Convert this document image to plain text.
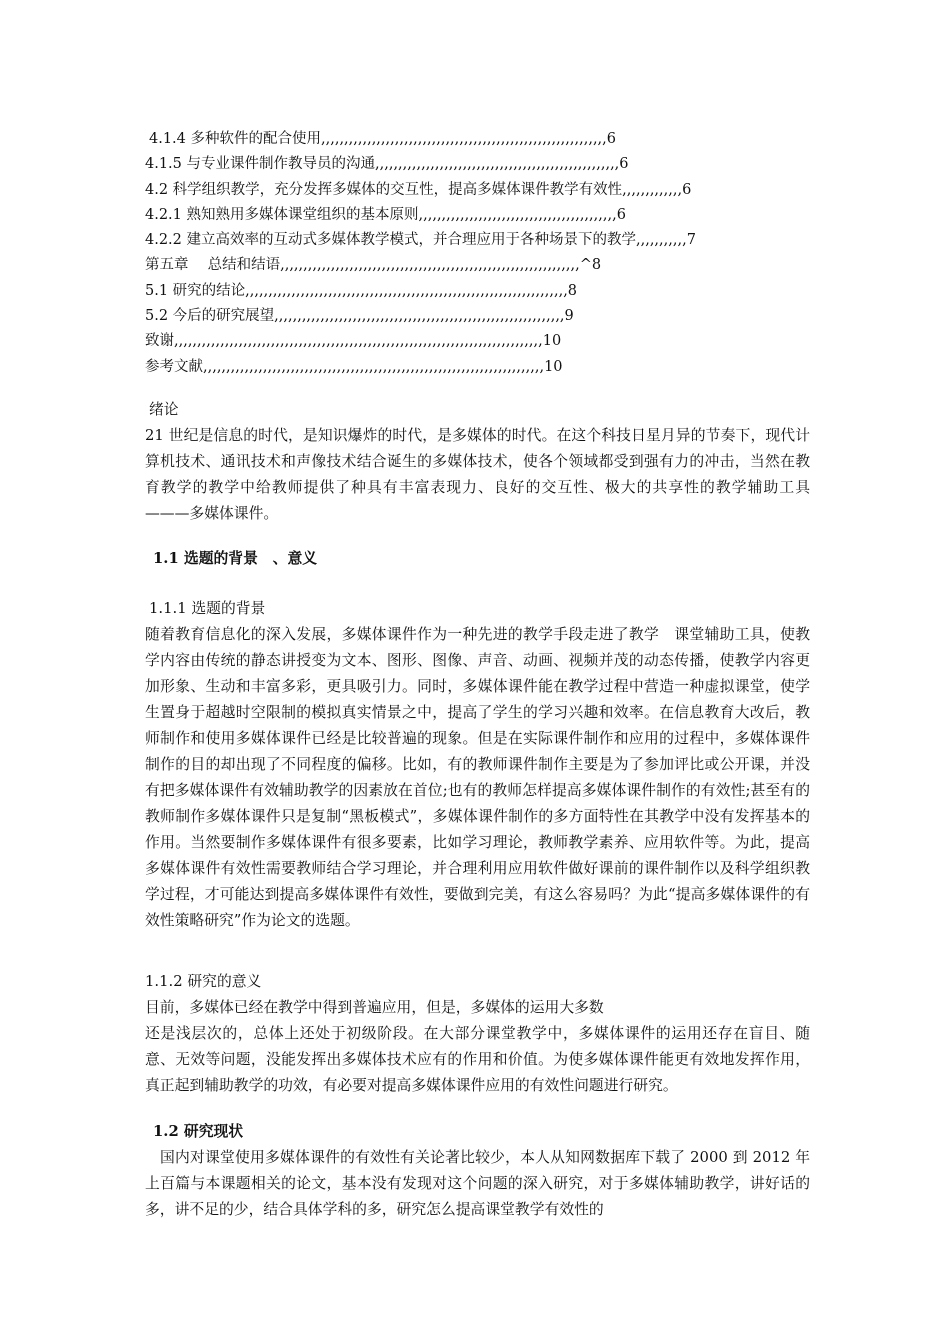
4.1.4 多种软件的配合使用,,,,,,,,,,,,,,,,,,,,,,,,,,,,,,,,,,,,,,,,,,,,,,,,,,,,,,,,,,,,,,6
4.1.5 与专业课件制作教导员的沟通,,,,,,,,,,,,,,,,,,,,,,,,,,,,,,,,,,,,,,,,,,,,,,,,,,,,,6
4.2 科学组织教学，充分发挥多媒体的交互性，提高多媒体课件教学有效性,,,,,,,,,,,,,6
4.2.1 熟知熟用多媒体课堂组织的基本原则,,,,,,,,,,,,,,,,,,,,,,,,,,,,,,,,,,,,,,,,,,,6
4.2.2 建立高效率的互动式多媒体教学模式，并合理应用于各种场景下的教学,,,,,,,,,,,7
第五章　 总结和结语,,,,,,,,,,,,,,,,,,,,,,,,,,,,,,,,,,,,,,,,,,,,,,,,,,,,,,,,,,,,,,,,,^8
5.1 研究的结论,,,,,,,,,,,,,,,,,,,,,,,,,,,,,,,,,,,,,,,,,,,,,,,,,,,,,,,,,,,,,,,,,,,,,,8
5.2 今后的研究展望,,,,,,,,,,,,,,,,,,,,,,,,,,,,,,,,,,,,,,,,,,,,,,,,,,,,,,,,,,,,,,,9
致谢,,,,,,,,,,,,,,,,,,,,,,,,,,,,,,,,,,,,,,,,,,,,,,,,,,,,,,,,,,,,,,,,,,,,,,,,,,,,,,,,10
参考文献,,,,,,,,,,,,,,,,,,,,,,,,,,,,,,,,,,,,,,,,,,,,,,,,,,,,,,,,,,,,,,,,,,,,,,,,,,10
绪论
21 世纪是信息的时代，是知识爆炸的时代，是多媒体的时代。在这个科技日星月异的节奏下，现代计算机技术、通讯技术和声像技术结合诞生的多媒体技术，使各个领域都受到强有力的冲击，当然在教育教学的教学中给教师提供了种具有丰富表现力、良好的交互性、极大的共享性的教学辅助工具———多媒体课件。
1.1 选题的背景　、意义
1.1.1 选题的背景
随着教育信息化的深入发展，多媒体课件作为一种先进的教学手段走进了教学　课堂辅助工具，使教学内容由传统的静态讲授变为文本、图形、图像、声音、动画、视频并茂的动态传播，使教学内容更加形象、生动和丰富多彩，更具吸引力。同时，多媒体课件能在教学过程中营造一种虚拟课堂，使学生置身于超越时空限制的模拟真实情景之中，提高了学生的学习兴趣和效率。在信息教育大改后，教师制作和使用多媒体课件已经是比较普遍的现象。但是在实际课件制作和应用的过程中，多媒体课件制作的目的却出现了不同程度的偏移。比如，有的教师课件制作主要是为了参加评比或公开课，并没有把多媒体课件有效辅助教学的因素放在首位;也有的教师怎样提高多媒体课件制作的有效性;甚至有的教师制作多媒体课件只是复制“黑板模式”，多媒体课件制作的多方面特性在其教学中没有发挥基本的作用。当然要制作多媒体课件有很多要素，比如学习理论，教师教学素养、应用软件等。为此，提高多媒体课件有效性需要教师结合学习理论，并合理利用应用软件做好课前的课件制作以及科学组织教学过程，才可能达到提高多媒体课件有效性，要做到完美，有这么容易吗？为此“提高多媒体课件的有效性策略研究”作为论文的选题。
1.1.2 研究的意义
目前，多媒体已经在教学中得到普遍应用，但是，多媒体的运用大多数
还是浅层次的，总体上还处于初级阶段。在大部分课堂教学中，多媒体课件的运用还存在盲目、随意、无效等问题，没能发挥出多媒体技术应有的作用和价值。为使多媒体课件能更有效地发挥作用，真正起到辅助教学的功效，有必要对提高多媒体课件应用的有效性问题进行研究。
1.2 研究现状
　国内对课堂使用多媒体课件的有效性有关论著比较少，本人从知网数据库下载了 2000 到 2012 年上百篇与本课题相关的论文，基本没有发现对这个问题的深入研究，对于多媒体辅助教学，讲好话的多，讲不足的少，结合具体学科的多，研究怎么提高课堂教学有效性的
